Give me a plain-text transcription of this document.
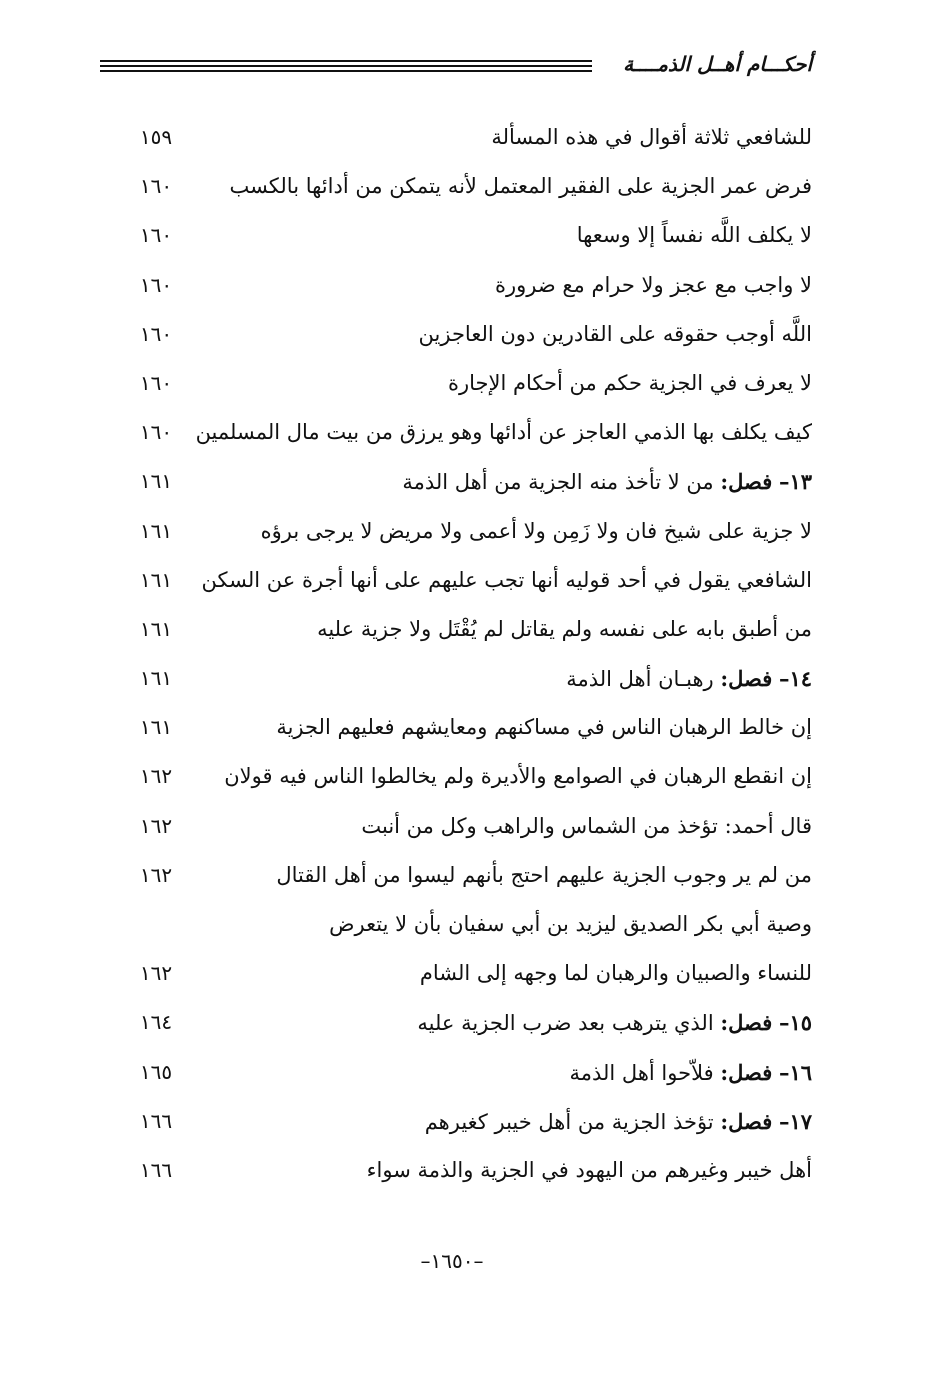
أحكـــام أهــل الذمــــة
للشافعي ثلاثة أقوال في هذه المسألة
١٥٩
فرض عمر الجزية على الفقير المعتمل لأنه يتمكن من أدائها بالكسب
١٦٠
لا يكلف اللَّه نفساً إلا وسعها
١٦٠
لا واجب مع عجز ولا حرام مع ضرورة
١٦٠
اللَّه أوجب حقوقه على القادرين دون العاجزين
١٦٠
لا يعرف في الجزية حكم من أحكام الإجارة
١٦٠
كيف يكلف بها الذمي العاجز عن أدائها وهو يرزق من بيت مال المسلمين
١٦٠
١٣– فصل: من لا تأخذ منه الجزية من أهل الذمة
١٦١
لا جزية على شيخ فان ولا زَمِن ولا أعمى ولا مريض لا يرجى برؤه
١٦١
الشافعي يقول في أحد قوليه أنها تجب عليهم على أنها أجرة عن السكن
١٦١
من أطبق بابه على نفسه ولم يقاتل لم يُقْتَل ولا جزية عليه
١٦١
١٤– فصل: رهبـان أهل الذمة
١٦١
إن خالط الرهبان الناس في مساكنهم ومعايشهم فعليهم الجزية
١٦١
إن انقطع الرهبان في الصوامع والأديرة ولم يخالطوا الناس فيه قولان
١٦٢
قال أحمد: تؤخذ من الشماس والراهب وكل من أنبت
١٦٢
من لم ير وجوب الجزية عليهم احتج بأنهم ليسوا من أهل القتال
١٦٢
وصية أبي بكر الصديق ليزيد بن أبي سفيان بأن لا يتعرض
للنساء والصبيان والرهبان لما وجهه إلى الشام
١٦٢
١٥– فصل: الذي يترهب بعد ضرب الجزية عليه
١٦٤
١٦– فصل: فلاّحوا أهل الذمة
١٦٥
١٧– فصل: تؤخذ الجزية من أهل خيبر كغيرهم
١٦٦
أهل خيبر وغيرهم من اليهود في الجزية والذمة سواء
١٦٦
–١٦٥٠–
